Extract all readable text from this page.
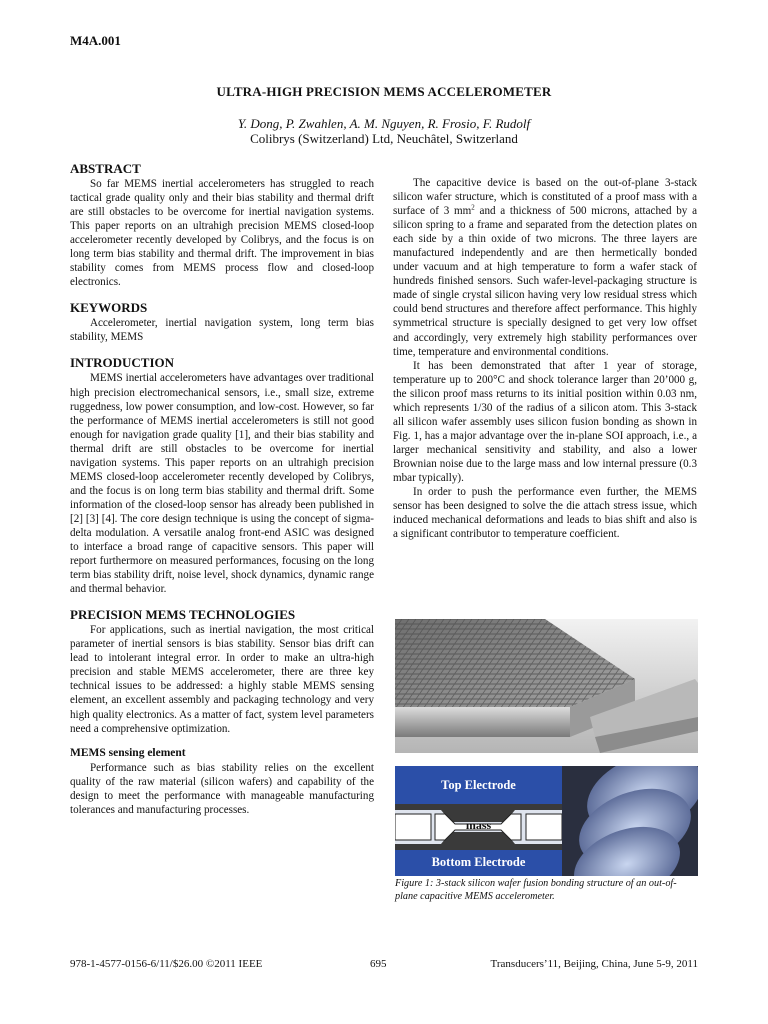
M4A.001
ULTRA-HIGH PRECISION MEMS ACCELEROMETER
Y. Dong, P. Zwahlen, A. M. Nguyen, R. Frosio, F. Rudolf
Colibrys (Switzerland) Ltd, Neuchâtel, Switzerland
ABSTRACT

So far MEMS inertial accelerometers has struggled to reach tactical grade quality only and their bias stability and thermal drift are still obstacles to be overcome for inertial navigation systems. This paper reports on an ultrahigh precision MEMS closed-loop accelerometer recently developed by Colibrys, and the focus is on long term bias stability and thermal drift. The improvement in bias stability comes from MEMS process flow and closed-loop electronics.

KEYWORDS

Accelerometer, inertial navigation system, long term bias stability, MEMS

INTRODUCTION

MEMS inertial accelerometers have advantages over traditional high precision electromechanical sensors, i.e., small size, extreme ruggedness, low power consumption, and low-cost. However, so far the performance of MEMS inertial accelerometers is still not good enough for navigation grade quality [1], and their bias stability and thermal drift are still obstacles to be overcome for inertial navigation systems. This paper reports on an ultrahigh precision MEMS closed-loop accelerometer recently developed by Colibrys, and the focus is on long term bias stability and thermal drift. Some information of the closed-loop sensor has already been published in [2] [3] [4]. The core design technique is using the concept of sigma-delta modulation. A versatile analog front-end ASIC was designed to interface a broad range of capacitive sensors. This paper will report furthermore on measured performances, focusing on the long term bias stability drift, noise level, shock dynamics, dynamic range and thermal behavior.

PRECISION MEMS TECHNOLOGIES

For applications, such as inertial navigation, the most critical parameter of inertial sensors is bias stability. Sensor bias drift can lead to intolerant integral error. In order to make an ultra-high precision and stable MEMS accelerometer, there are three key technical issues to be addressed: a highly stable MEMS sensing element, an excellent assembly and packaging technology and very high quality electronics. As a matter of fact, system level parameters need a comprehensive optimization.

MEMS sensing element

Performance such as bias stability relies on the excellent quality of the raw material (silicon wafers) and capability of the design to meet the performance with manageable manufacturing tolerances and manufacturing processes.

The capacitive device is based on the out-of-plane 3-stack silicon wafer structure, which is constituted of a proof mass with a surface of 3 $mm^2$ and a thickness of 500 microns, attached by a silicon spring to a frame and separated from the detection plates on each side by a thin oxide of two microns. The three layers are manufactured independently and are then hermetically bonded under vacuum and at high temperature to form a wafer stack of hundreds finished sensors. Such wafer-level-packaging structure is made of single crystal silicon having very low residual stress which could bend structures and therefore affect performance. This highly symmetrical structure is specially designed to get very low offset and accordingly, very extremely high stability performances over time, temperature and environmental conditions.

It has been demonstrated that after 1 year of storage, temperature up to 200°C and shock tolerance larger than 20’000 g, the silicon proof mass returns to its initial position within 0.03 nm, which represents 1/30 of the radius of a silicon atom. This 3-stack all silicon wafer assembly uses silicon fusion bonding as shown in Fig. 1, has a major advantage over the in-plane SOI approach, i.e., a larger mechanical sensitivity and stability, and also a lower Brownian noise due to the large mass and low internal pressure (0.3 mbar typically).

In order to push the performance even further, the MEMS sensor has been designed to solve the die attach stress issue, which induced mechanical deformations and leads to bias shift and also is a significant contributor to temperature coefficient.

Top Electrode
mass
Bottom Electrode
Figure 1: 3-stack silicon wafer fusion bonding structure of an out-of-plane capacitive MEMS accelerometer.
978-1-4577-0156-6/11/$26.00 ©2011 IEEE	695	Transducers’11, Beijing, China, June 5-9, 2011
